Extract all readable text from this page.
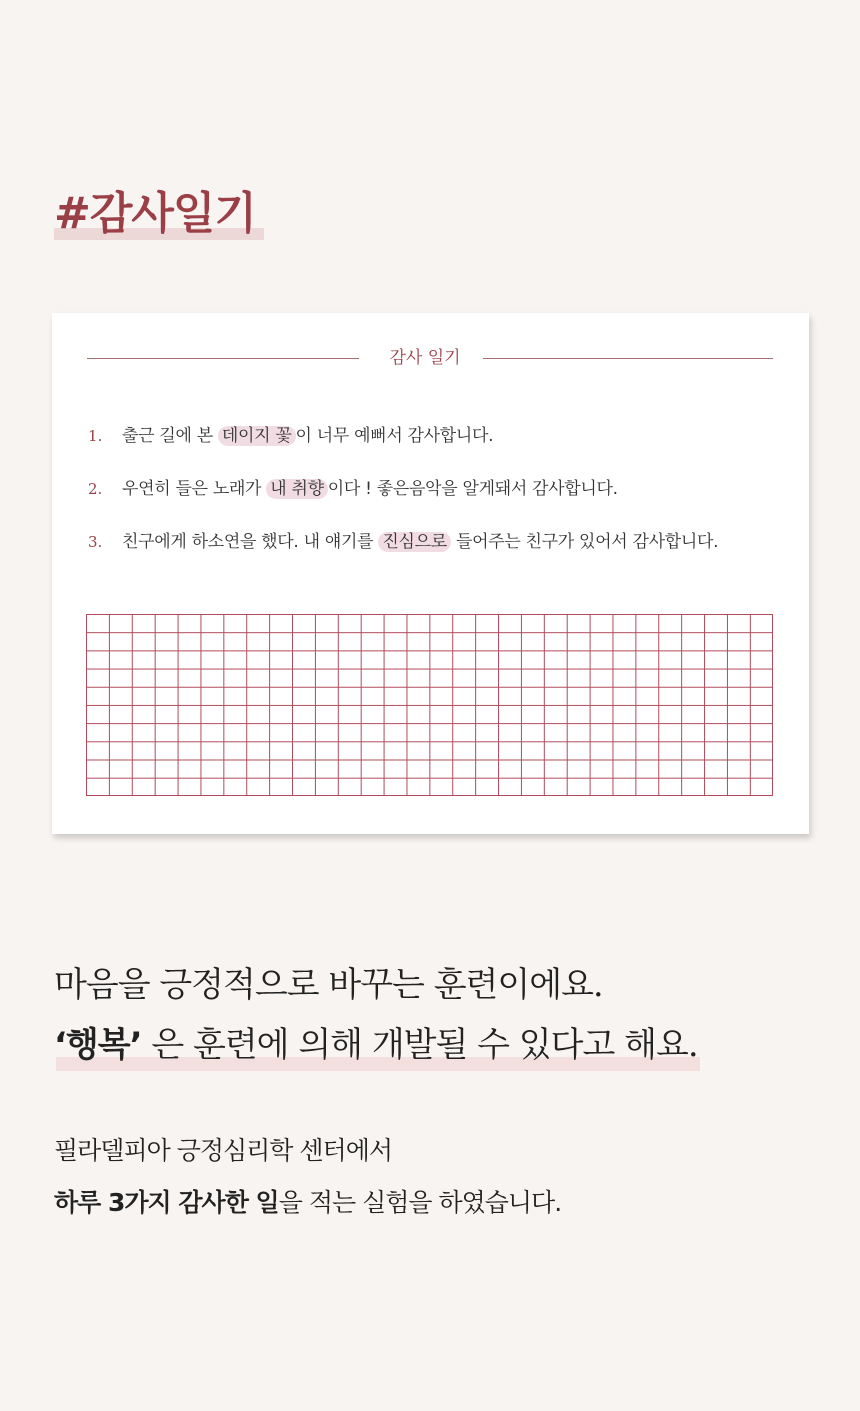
#감사일기
감사 일기
1.	출근 길에 본 데이지 꽃 이 너무 예뻐서 감사합니다.
2.	우연히 들은 노래가 내 취향 이다 ! 좋은음악을 알게돼서 감사합니다.
3.	친구에게 하소연을 했다. 내 얘기를 진심으로 들어주는 친구가 있어서 감사합니다.
마음을 긍정적으로 바꾸는 훈련이에요.
‘행복’ 은 훈련에 의해 개발될 수 있다고 해요.

필라델피아 긍정심리학 센터에서

하루 3가지 감사한 일을 적는 실험을 하였습니다.
